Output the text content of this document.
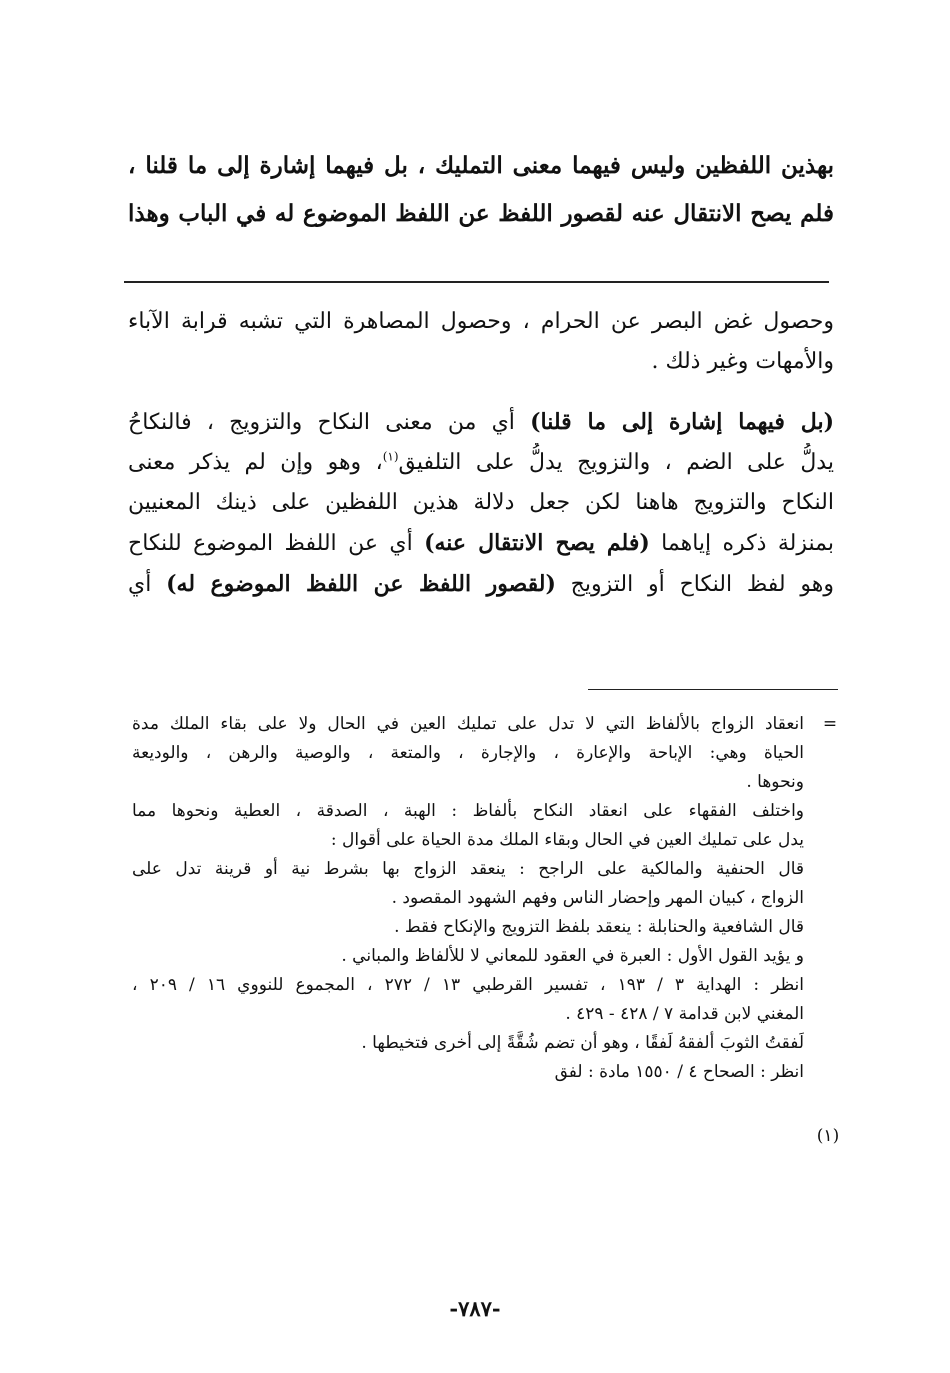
بهذين اللفظين وليس فيهما معنى التمليك ، بل فيهما إشارة إلى ما قلنا ،
فلم يصح الانتقال عنه لقصور اللفظ عن اللفظ الموضوع له في الباب وهذا
وحصول غض البصر عن الحرام ، وحصول المصاهرة التي تشبه قرابة الآباء
والأمهات وغير ذلك .
(بل فيهما إشارة إلى ما قلنا) أي من معنى النكاح والتزويج ، فالنكاحُ
يدلُّ على الضم ، والتزويج يدلُّ على التلفيق$^{(١)}$، وهو وإن لم يذكر معنى
النكاح والتزويج هاهنا لكن جعل دلالة هذين اللفظين على ذينك المعنيين
بمنزلة ذكره إياهما (فلم يصح الانتقال عنه) أي عن اللفظ الموضوع للنكاح
وهو لفظ النكاح أو التزويج (لقصور اللفظ عن اللفظ الموضوع له) أي
=
(١)
انعقاد الزواج بالألفاظ التي لا تدل على تمليك العين في الحال ولا على بقاء الملك مدة
الحياة وهي: الإباحة والإعارة ، والإجارة ، والمتعة ، والوصية والرهن ، والوديعة
ونحوها .
واختلف الفقهاء على انعقاد النكاح بألفاظ : الهبة ، الصدقة ، العطية ونحوها مما
يدل على تمليك العين في الحال وبقاء الملك مدة الحياة على أقوال :
قال الحنفية والمالكية على الراجح : ينعقد الزواج بها بشرط نية أو قرينة تدل على
الزواج ، كبيان المهر وإحضار الناس وفهم الشهود المقصود .
قال الشافعية والحنابلة : ينعقد بلفظ التزويج والإنكاح فقط .
و يؤيد القول الأول : العبرة في العقود للمعاني لا للألفاظ والمباني .
انظر : الهداية ٣ / ١٩٣ ، تفسير القرطبي ١٣ / ٢٧٢ ، المجموع للنووي ١٦ / ٢٠٩ ،
المغني لابن قدامة ٧ / ٤٢٨ - ٤٢٩ .
لَفقتُ الثوبَ ألفقهُ لَفقًا ، وهو أن تضم شُقَّةً إلى أخرى فتخيطها .
انظر : الصحاح ٤ / ١٥٥٠ مادة : لفق
-٧٨٧-
